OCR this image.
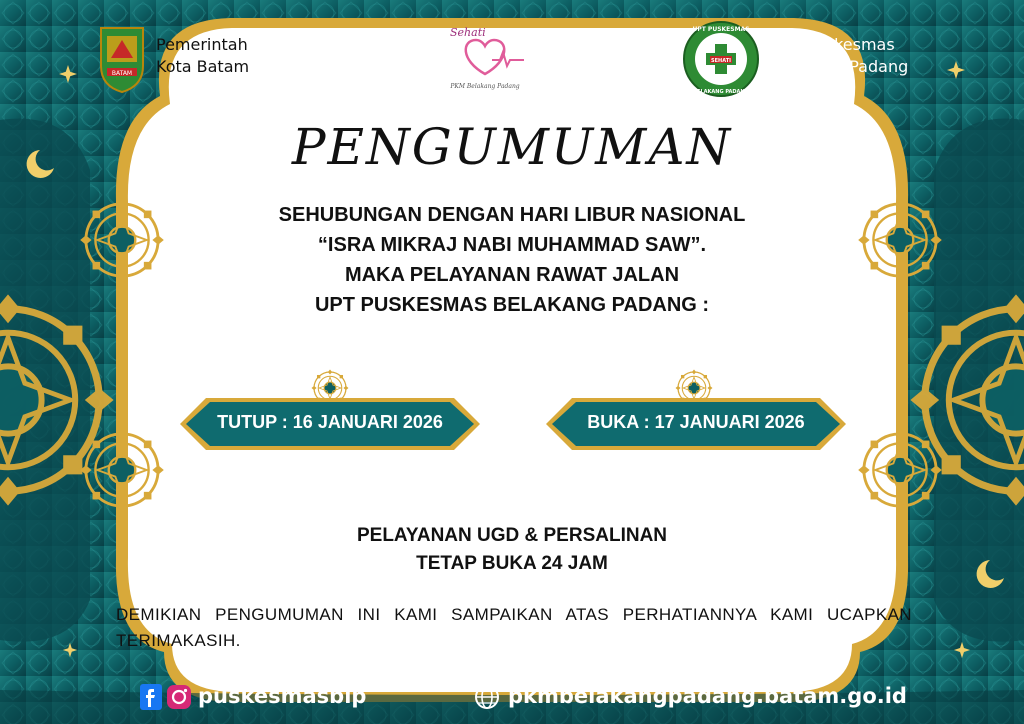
BATAM
Pemerintah
Kota Batam
Sehati
PKM Belakang Padang
SEHATI
UPT PUSKESMAS
BELAKANG PADANG
UPT Puskesmas
Belakang Padang
PENGUMUMAN
SEHUBUNGAN DENGAN HARI LIBUR NASIONAL
“ISRA MIKRAJ NABI MUHAMMAD SAW”.
MAKA PELAYANAN RAWAT JALAN
UPT PUSKESMAS BELAKANG PADANG :
TUTUP : 16 JANUARI 2026	BUKA : 17 JANUARI 2026
PELAYANAN UGD & PERSALINAN
TETAP BUKA 24 JAM
DEMIKIAN PENGUMUMAN INI KAMI SAMPAIKAN ATAS PERHATIANNYA KAMI UCAPKAN TERIMAKASIH.
puskesmasblp	pkmbelakangpadang.batam.go.id
